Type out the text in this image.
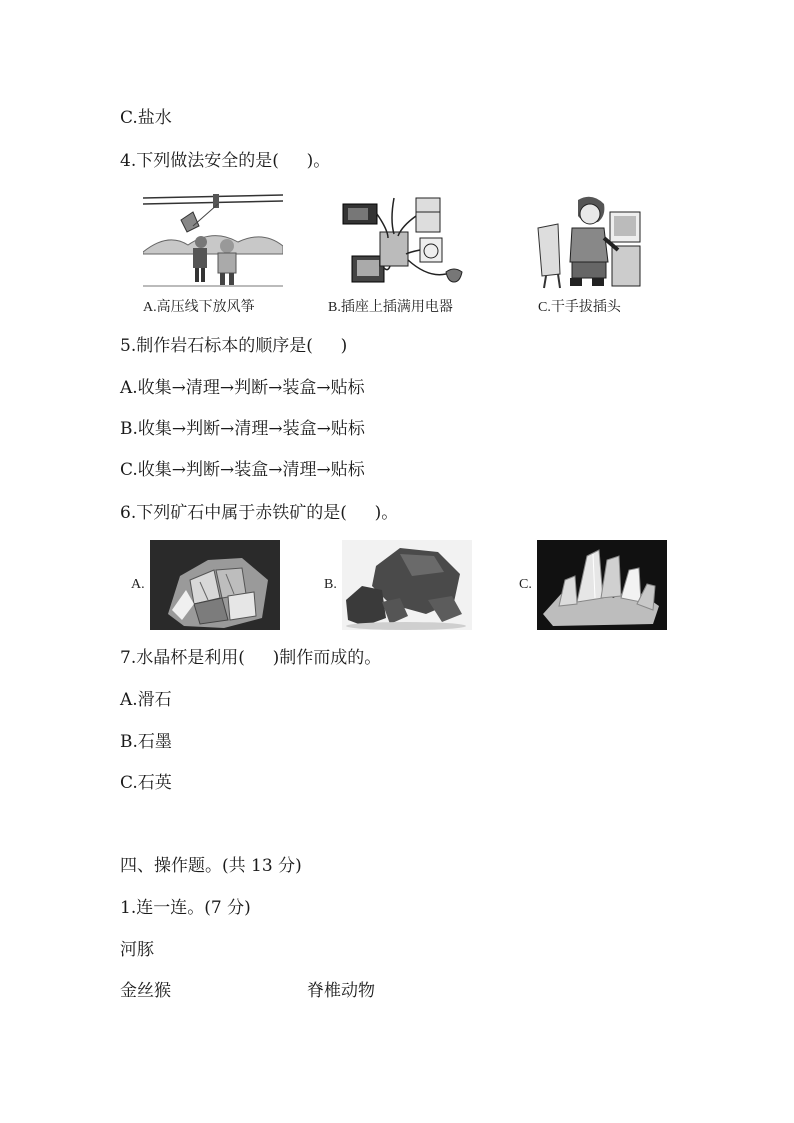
C.盐水
4.下列做法安全的是(　  )。
A.高压线下放风筝	B.插座上插满用电器	C.干手拔插头
5.制作岩石标本的顺序是(　  )
A.收集→清理→判断→装盒→贴标
B.收集→判断→清理→装盒→贴标
C.收集→判断→装盒→清理→贴标
6.下列矿石中属于赤铁矿的是(　  )。
A.	B.	C.
7.水晶杯是利用(　  )制作而成的。
A.滑石
B.石墨
C.石英
四、操作题。(共 13 分)
1.连一连。(7 分)
河豚
金丝猴	脊椎动物
